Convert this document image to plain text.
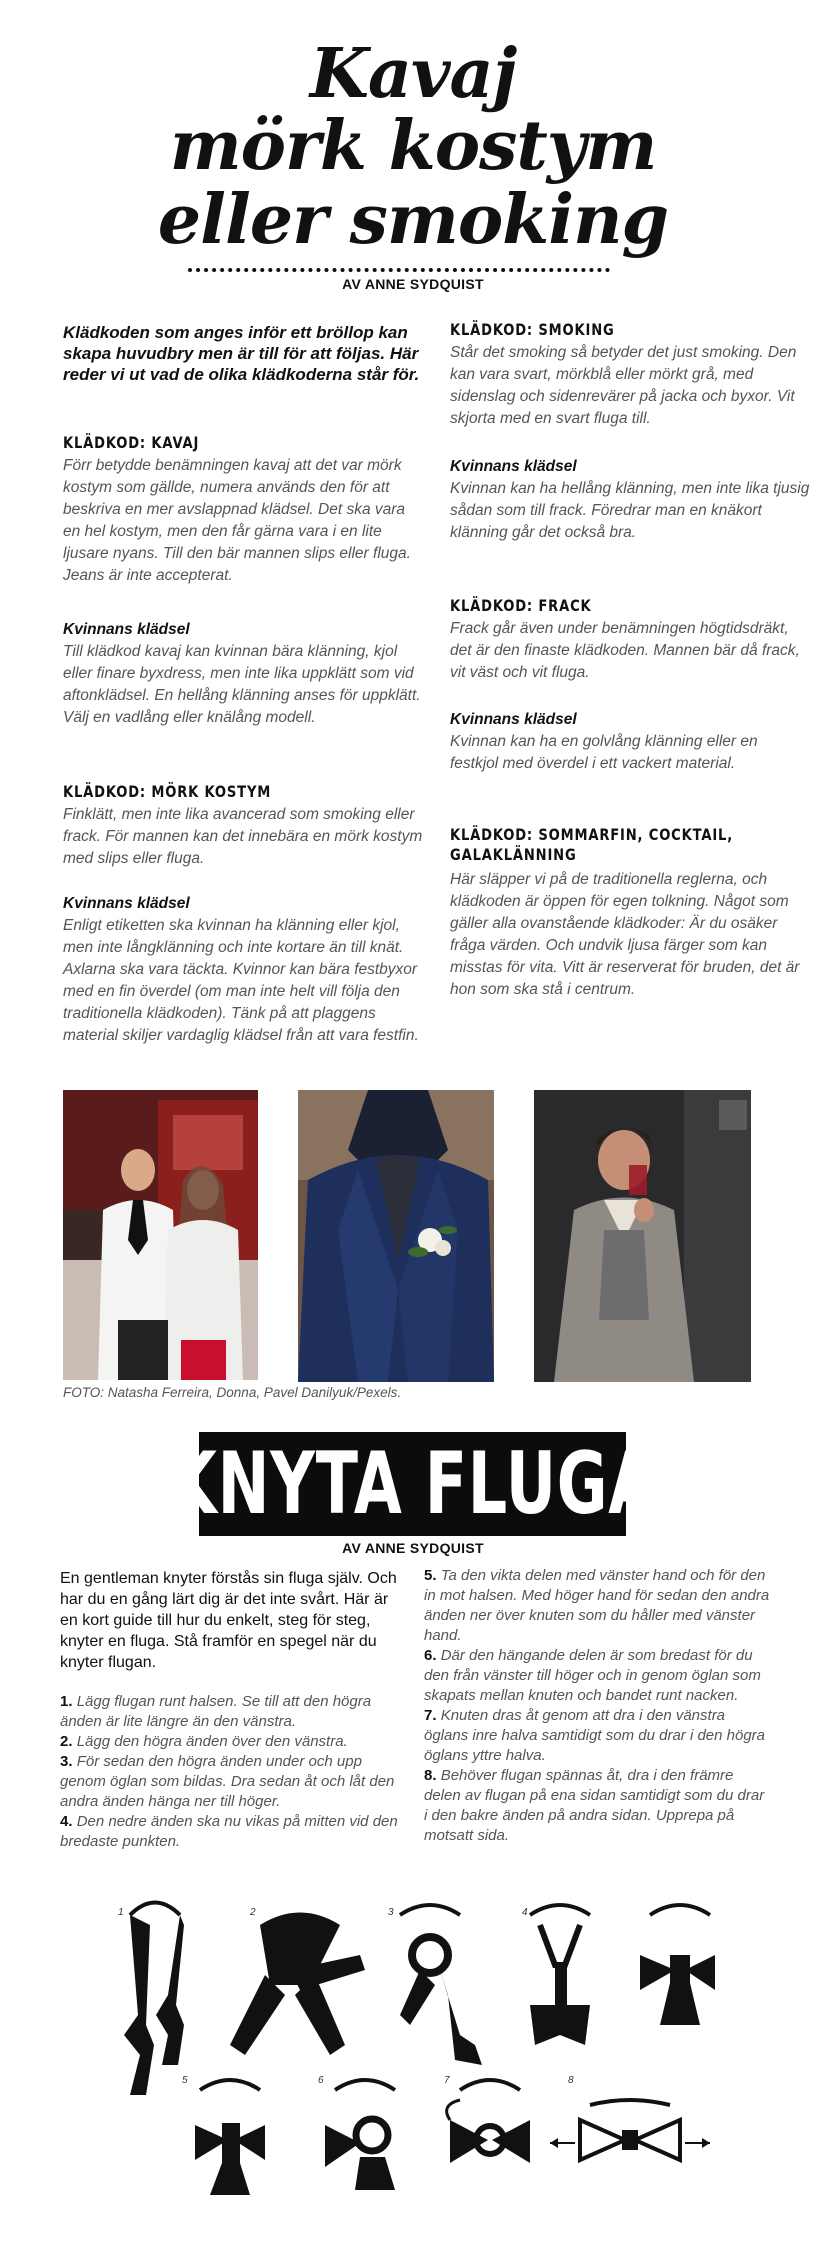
Kavaj
mörk kostym
eller smoking
AV ANNE SYDQUIST
Klädkoden som anges inför ett bröllop kan skapa huvudbry men är till för att följas. Här reder vi ut vad de olika klädkoderna står för.
KLÄDKOD: KAVAJ
Förr betydde benämningen kavaj att det var mörk kostym som gällde, numera används den för att beskriva en mer avslappnad klädsel. Det ska vara en hel kostym, men den får gärna vara i en lite ljusare nyans. Till den bär mannen slips eller fluga. Jeans är inte accepterat.
Kvinnans klädsel
Till klädkod kavaj kan kvinnan bära klänning, kjol eller finare byxdress, men inte lika uppklätt som vid aftonklädsel. En hellång klänning anses för uppklätt. Välj en vadlång eller knälång modell.
KLÄDKOD: MÖRK KOSTYM
Finklätt, men inte lika avancerad som smoking eller frack. För mannen kan det innebära en mörk kostym med slips eller fluga.
Kvinnans klädsel
Enligt etiketten ska kvinnan ha klänning eller kjol, men inte långklänning och inte kortare än till knät. Axlarna ska vara täckta. Kvinnor kan bära festbyxor med en fin överdel (om man inte helt vill följa den traditionella klädkoden). Tänk på att plaggens material skiljer vardaglig klädsel från att vara festfin.
KLÄDKOD: SMOKING
Står det smoking så betyder det just smoking. Den kan vara svart, mörkblå eller mörkt grå, med sidenslag och sidenrevärer på jacka och byxor. Vit skjorta med en svart fluga till.
Kvinnans klädsel
Kvinnan kan ha hellång klänning, men inte lika tjusig sådan som till frack. Föredrar man en knäkort klänning går det också bra.
KLÄDKOD: FRACK
Frack går även under benämningen högtidsdräkt, det är den finaste klädkoden. Mannen bär då frack, vit väst och vit fluga.
Kvinnans klädsel
Kvinnan kan ha en golvlång klänning eller en festkjol med överdel i ett vackert material.
KLÄDKOD: SOMMARFIN, COCKTAIL, GALAKLÄNNING
Här släpper vi på de traditionella reglerna, och klädkoden är öppen för egen tolkning. Något som gäller alla ovanstående klädkoder: Är du osäker fråga värden. Och undvik ljusa färger som kan misstas för vita. Vitt är reserverat för bruden, det är hon som ska stå i centrum.
FOTO: Natasha Ferreira, Donna, Pavel Danilyuk/Pexels.
KNYTA FLUGA
AV ANNE SYDQUIST
En gentleman knyter förstås sin fluga själv. Och har du en gång lärt dig är det inte svårt. Här är en kort guide till hur du enkelt, steg för steg, knyter en fluga. Stå framför en spegel när du knyter flugan.

1. Lägg flugan runt halsen. Se till att den högra änden är lite längre än den vänstra.

2. Lägg den högra änden över den vänstra.

3. För sedan den högra änden under och upp genom öglan som bildas. Dra sedan åt och låt den andra änden hänga ner till höger.

4. Den nedre änden ska nu vikas på mitten vid den bredaste punkten.

5. Ta den vikta delen med vänster hand och för den in mot halsen. Med höger hand för sedan den andra änden ner över knuten som du håller med vänster hand.

6. Där den hängande delen är som bredast för du den från vänster till höger och in genom öglan som skapats mellan knuten och bandet runt nacken.

7. Knuten dras åt genom att dra i den vänstra öglans inre halva samtidigt som du drar i den högra öglans yttre halva.

8. Behöver flugan spännas åt, dra i den främre delen av flugan på ena sidan samtidigt som du drar i den bakre änden på andra sidan. Upprepa på motsatt sida.

1	2	3	4
5	6	7	8
